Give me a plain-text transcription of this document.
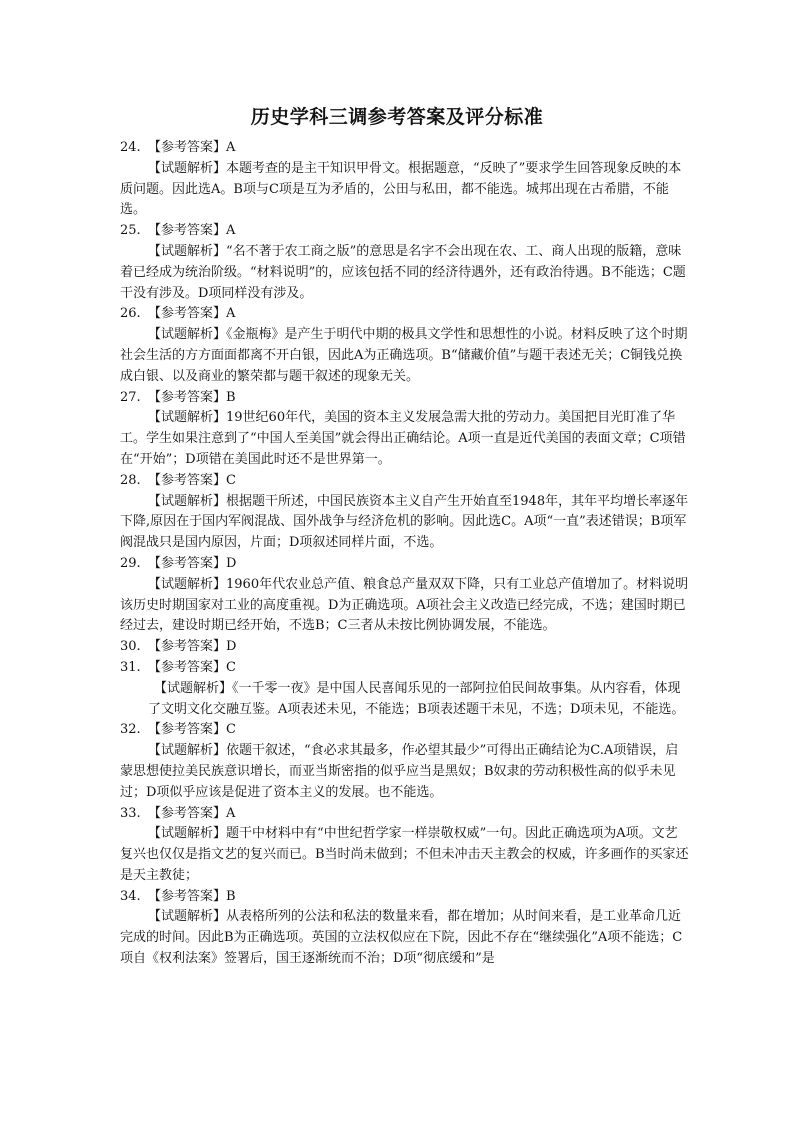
历史学科三调参考答案及评分标准

24. 【参考答案】A

【试题解析】本题考查的是主干知识甲骨文。根据题意，“反映了”要求学生回答现象反映的本质问题。因此选A。B项与C项是互为矛盾的，公田与私田，都不能选。城邦出现在古希腊，不能选。

25. 【参考答案】A

【试题解析】“名不著于农工商之版”的意思是名字不会出现在农、工、商人出现的版籍，意味着已经成为统治阶级。“材料说明”的，应该包括不同的经济待遇外，还有政治待遇。B不能选；C题干没有涉及。D项同样没有涉及。

26. 【参考答案】A

【试题解析】《金瓶梅》是产生于明代中期的极具文学性和思想性的小说。材料反映了这个时期社会生活的方方面面都离不开白银，因此A为正确选项。B“储藏价值”与题干表述无关；C铜钱兑换成白银、以及商业的繁荣都与题干叙述的现象无关。

27. 【参考答案】B

【试题解析】19世纪60年代，美国的资本主义发展急需大批的劳动力。美国把目光盯准了华工。学生如果注意到了“中国人至美国”就会得出正确结论。A项一直是近代美国的表面文章；C项错在“开始”；D项错在美国此时还不是世界第一。

28. 【参考答案】C

【试题解析】根据题干所述，中国民族资本主义自产生开始直至1948年，其年平均增长率逐年下降,原因在于国内军阀混战、国外战争与经济危机的影响。因此选C。A项“一直”表述错误；B项军阀混战只是国内原因，片面；D项叙述同样片面，不选。

29. 【参考答案】D

【试题解析】1960年代农业总产值、粮食总产量双双下降，只有工业总产值增加了。材料说明该历史时期国家对工业的高度重视。D为正确选项。A项社会主义改造已经完成，不选；建国时期已经过去，建设时期已经开始，不选B；C三者从未按比例协调发展，不能选。

30. 【参考答案】D

31. 【参考答案】C

【试题解析】《一千零一夜》是中国人民喜闻乐见的一部阿拉伯民间故事集。从内容看，体现了文明文化交融互鉴。A项表述未见，不能选；B项表述题干未见，不选；D项未见，不能选。

32. 【参考答案】C

【试题解析】依题干叙述，“食必求其最多，作必望其最少”可得出正确结论为C.A项错误，启蒙思想使拉美民族意识增长，而亚当斯密指的似乎应当是黑奴；B奴隶的劳动积极性高的似乎未见过；D项似乎应该是促进了资本主义的发展。也不能选。

33. 【参考答案】A

【试题解析】题干中材料中有“中世纪哲学家一样崇敬权威”一句。因此正确选项为A项。文艺复兴也仅仅是指文艺的复兴而已。B当时尚未做到；不但未冲击天主教会的权威，许多画作的买家还是天主教徒；

34. 【参考答案】B

【试题解析】从表格所列的公法和私法的数量来看，都在增加；从时间来看，是工业革命几近完成的时间。因此B为正确选项。英国的立法权似应在下院，因此不存在“继续强化”A项不能选；C项自《权利法案》签署后，国王逐渐统而不治；D项“彻底缓和”是
